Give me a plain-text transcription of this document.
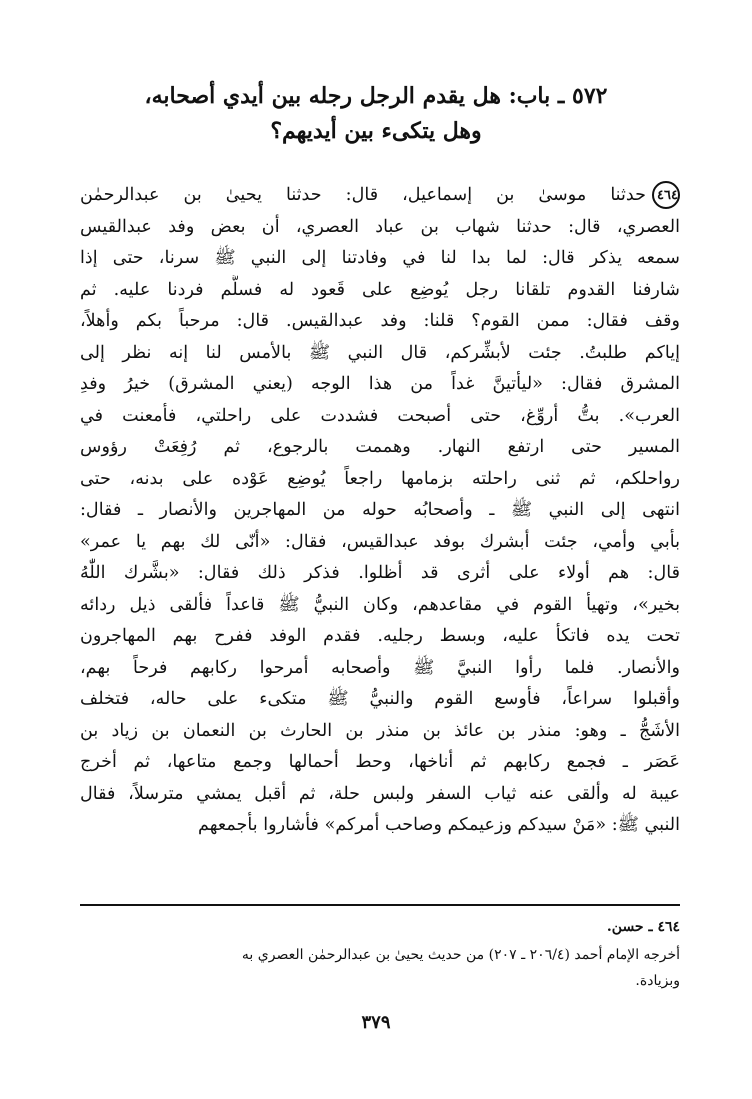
٥٧٢ ـ باب: هل يقدم الرجل رجله بين أيدي أصحابه،
وهل يتكىء بين أيديهم؟
٤٦٤حدثنا موسىٰ بن إسماعيل، قال: حدثنا يحيىٰ بن عبدالرحمٰن
العصري، قال: حدثنا شهاب بن عباد العصري، أن بعض وفد عبدالقيس
سمعه يذكر قال: لما بدا لنا في وفادتنا إلى النبي ﷺ سرنا، حتى إذا
شارفنا القدوم تلقانا رجل يُوضِع على قَعود له فسلَّم فردنا عليه. ثم
وقف فقال: ممن القوم؟ قلنا: وفد عبدالقيس. قال: مرحباً بكم وأهلاً،
إياكم طلبتُ. جئت لأبشِّركم، قال النبي ﷺ بالأمس لنا إنه نظر إلى
المشرق فقال: «ليأتينَّ غداً من هذا الوجه (يعني المشرق) خيرُ وفدِ
العرب». بتُّ أروِّغ، حتى أصبحت فشددت على راحلتي، فأمعنت في
المسير حتى ارتفع النهار. وهممت بالرجوع، ثم رُفِعَتْ رؤوس
رواحلكم، ثم ثنى راحلته بزمامها راجعاً يُوضِع عَوْده على بدنه، حتى
انتهى إلى النبي ﷺ ـ وأصحابُه حوله من المهاجرين والأنصار ـ فقال:
بأبي وأمي، جئت أبشرك بوفد عبدالقيس، فقال: «أنّى لك بهم يا عمر»
قال: هم أولاء على أثرى قد أظلوا. فذكر ذلك فقال: «بشَّرك اللّٰهُ
بخير»، وتهيأ القوم في مقاعدهم، وكان النبيُّ ﷺ قاعداً فألقى ذيل ردائه
تحت يده فاتكأ عليه، وبسط رجليه. فقدم الوفد ففرح بهم المهاجرون
والأنصار. فلما رأوا النبيَّ ﷺ وأصحابه أمرحوا ركابهم فرحاً بهم،
وأقبلوا سراعاً، فأوسع القوم والنبيُّ ﷺ متكىء على حاله، فتخلف
الأشَجُّ ـ وهو: منذر بن عائذ بن منذر بن الحارث بن النعمان بن زياد بن
عَصَر ـ فجمع ركابهم ثم أناخها، وحط أحمالها وجمع متاعها، ثم أخرج
عيبة له وألقى عنه ثياب السفر ولبس حلة، ثم أقبل يمشي مترسلاً، فقال
النبي ﷺ: «مَنْ سيدكم وزعيمكم وصاحب أمركم» فأشاروا بأجمعهم
٤٦٤ ـ حسن.
أخرجه الإمام أحمد (٢٠٦/٤ ـ ٢٠٧) من حديث يحيىٰ بن عبدالرحمٰن العصري به
وبزيادة.
٣٧٩
